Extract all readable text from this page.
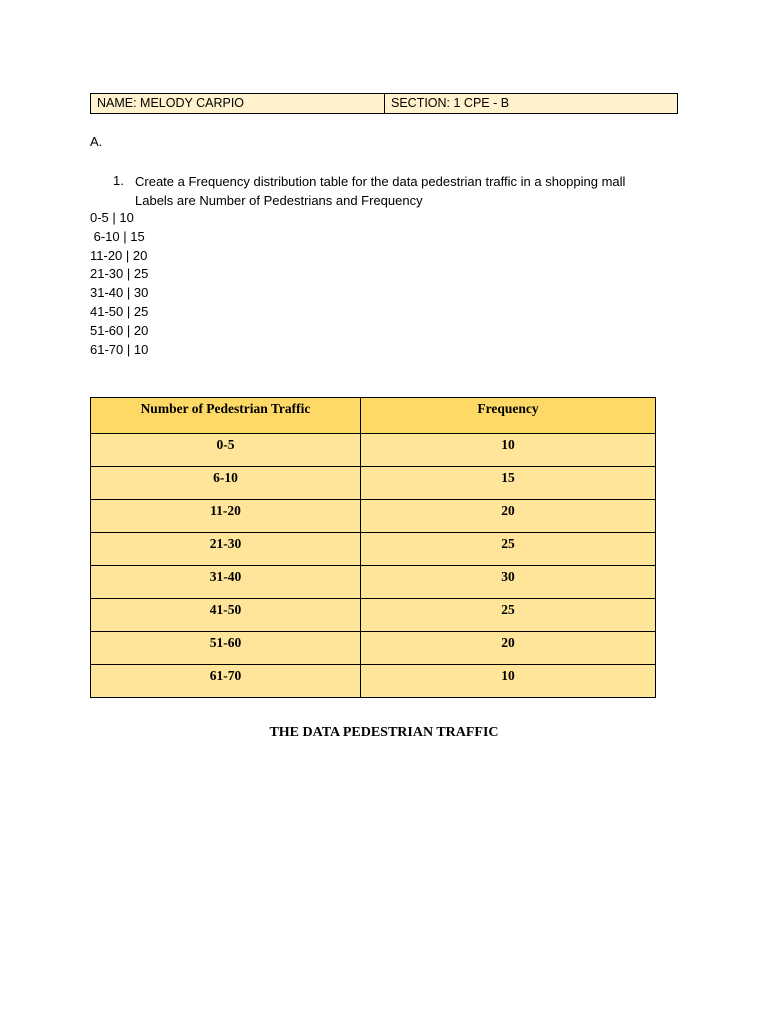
NAME: MELODY CARPIO	SECTION: 1 CPE - B
A.
1. Create a Frequency distribution table for the data pedestrian traffic in a shopping mall
Labels are Number of Pedestrians and Frequency
0-5 | 10
6-10 | 15
11-20 | 20
21-30 | 25
31-40 | 30
41-50 | 25
51-60 | 20
61-70 | 10
Number of Pedestrian Traffic	Frequency
0-5	10
6-10	15
11-20	20
21-30	25
31-40	30
41-50	25
51-60	20
61-70	10
THE DATA PEDESTRIAN TRAFFIC
